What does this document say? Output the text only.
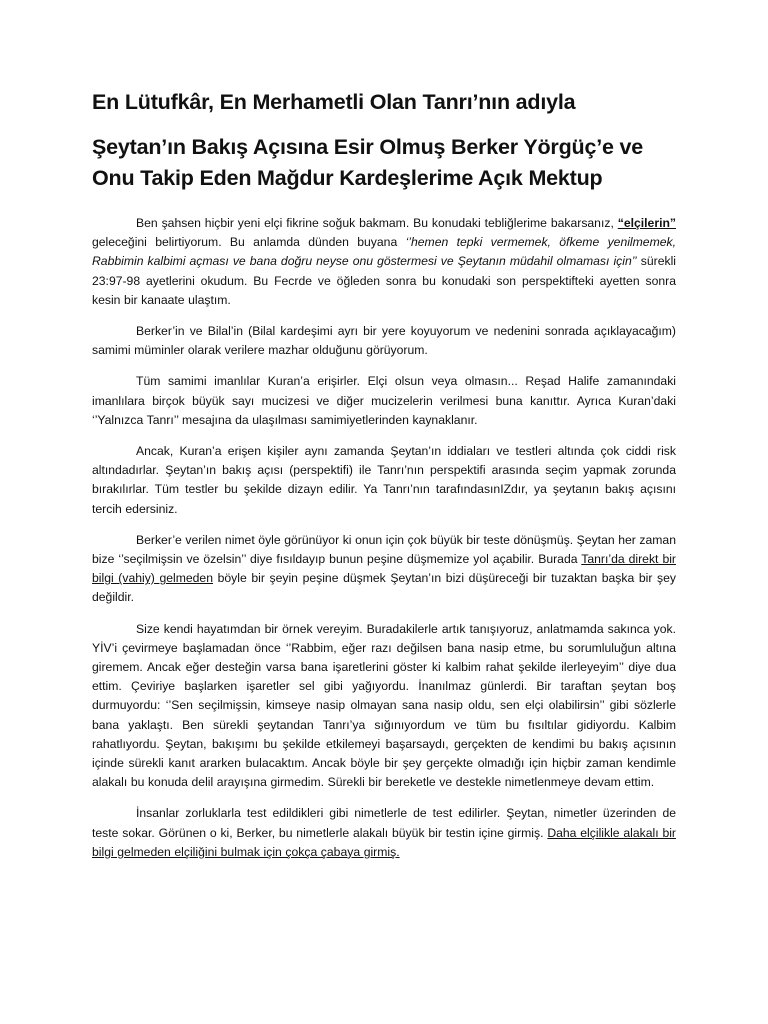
En Lütufkâr, En Merhametli Olan Tanrı’nın adıyla
Şeytan’ın Bakış Açısına Esir Olmuş Berker Yörgüç’e ve Onu Takip Eden Mağdur Kardeşlerime Açık Mektup

Ben şahsen hiçbir yeni elçi fikrine soğuk bakmam. Bu konudaki tebliğlerime bakarsanız, “elçilerin” geleceğini belirtiyorum. Bu anlamda dünden buyana ‘’hemen tepki vermemek, öfkeme yenilmemek, Rabbimin kalbimi açması ve bana doğru neyse onu göstermesi ve Şeytanın müdahil olmaması için’’ sürekli 23:97-98 ayetlerini okudum. Bu Fecrde ve öğleden sonra bu konudaki son perspektifteki ayetten sonra kesin bir kanaate ulaştım.

Berker’in ve Bilal’in (Bilal kardeşimi ayrı bir yere koyuyorum ve nedenini sonrada açıklayacağım) samimi müminler olarak verilere mazhar olduğunu görüyorum.

Tüm samimi imanlılar Kuran’a erişirler. Elçi olsun veya olmasın... Reşad Halife zamanındaki imanlılara birçok büyük sayı mucizesi ve diğer mucizelerin verilmesi buna kanıttır. Ayrıca Kuran’daki ‘’Yalnızca Tanrı’’ mesajına da ulaşılması samimiyetlerinden kaynaklanır.

Ancak, Kuran’a erişen kişiler aynı zamanda Şeytan’ın iddiaları ve testleri altında çok ciddi risk altındadırlar. Şeytan’ın bakış açısı (perspektifi) ile Tanrı’nın perspektifi arasında seçim yapmak zorunda bırakılırlar. Tüm testler bu şekilde dizayn edilir. Ya Tanrı’nın tarafındasınIZdır, ya şeytanın bakış açısını tercih edersiniz.

Berker’e verilen nimet öyle görünüyor ki onun için çok büyük bir teste dönüşmüş. Şeytan her zaman bize ‘’seçilmişsin ve özelsin’’ diye fısıldayıp bunun peşine düşmemize yol açabilir. Burada Tanrı’da direkt bir bilgi (vahiy) gelmeden böyle bir şeyin peşine düşmek Şeytan’ın bizi düşüreceği bir tuzaktan başka bir şey değildir.

Size kendi hayatımdan bir örnek vereyim. Buradakilerle artık tanışıyoruz, anlatmamda sakınca yok. YİV’i çevirmeye başlamadan önce ‘’Rabbim, eğer razı değilsen bana nasip etme, bu sorumluluğun altına giremem. Ancak eğer desteğin varsa bana işaretlerini göster ki kalbim rahat şekilde ilerleyeyim’’ diye dua ettim. Çeviriye başlarken işaretler sel gibi yağıyordu. İnanılmaz günlerdi. Bir taraftan şeytan boş durmuyordu: ‘’Sen seçilmişsin, kimseye nasip olmayan sana nasip oldu, sen elçi olabilirsin’’ gibi sözlerle bana yaklaştı. Ben sürekli şeytandan Tanrı’ya sığınıyordum ve tüm bu fısıltılar gidiyordu. Kalbim rahatlıyordu. Şeytan, bakışımı bu şekilde etkilemeyi başarsaydı, gerçekten de kendimi bu bakış açısının içinde sürekli kanıt ararken bulacaktım. Ancak böyle bir şey gerçekte olmadığı için hiçbir zaman kendimle alakalı bu konuda delil arayışına girmedim. Sürekli bir bereketle ve destekle nimetlenmeye devam ettim.

İnsanlar zorluklarla test edildikleri gibi nimetlerle de test edilirler. Şeytan, nimetler üzerinden de teste sokar. Görünen o ki, Berker, bu nimetlerle alakalı büyük bir testin içine girmiş. Daha elçilikle alakalı bir bilgi gelmeden elçiliğini bulmak için çokça çabaya girmiş.
